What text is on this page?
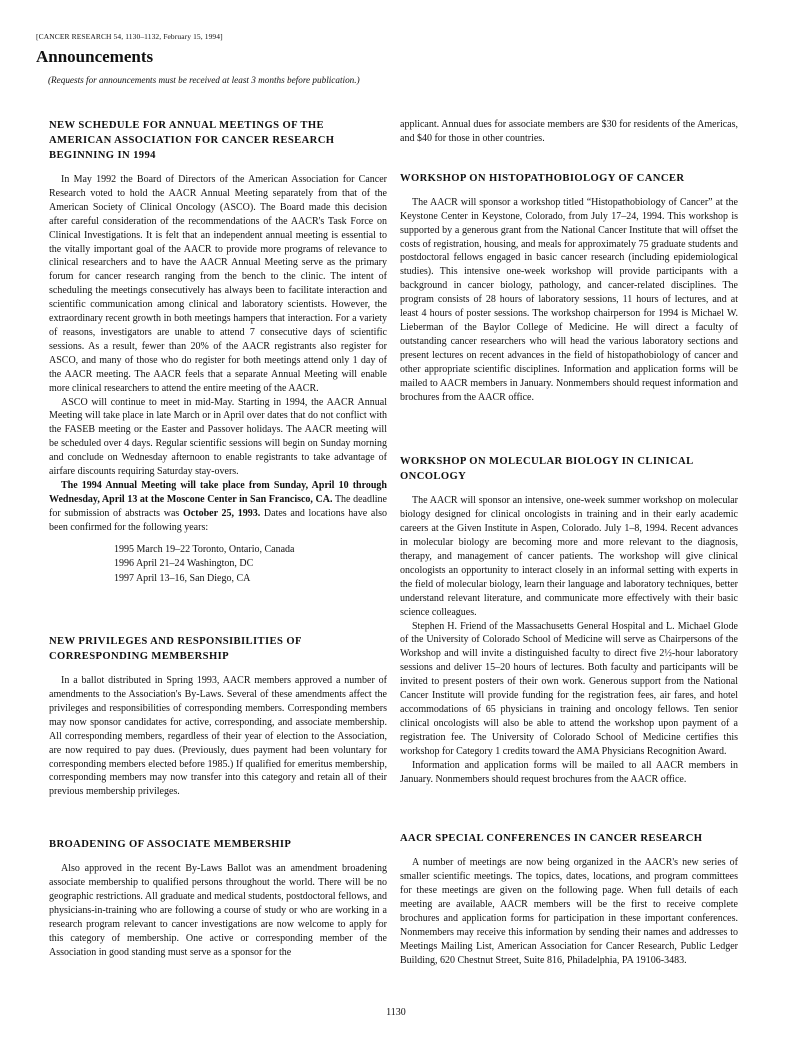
[CANCER RESEARCH 54, 1130–1132, February 15, 1994]
Announcements

(Requests for announcements must be received at least 3 months before publication.)

NEW SCHEDULE FOR ANNUAL MEETINGS OF THE AMERICAN ASSOCIATION FOR CANCER RESEARCH BEGINNING IN 1994

In May 1992 the Board of Directors of the American Association for Cancer Research voted to hold the AACR Annual Meeting separately from that of the American Society of Clinical Oncology (ASCO). The Board made this decision after careful consideration of the recommendations of the AACR's Task Force on Clinical Investigations. It is felt that an independent annual meeting is essential to the vitally important goal of the AACR to provide more programs of relevance to clinical researchers and to have the AACR Annual Meeting serve as the primary forum for cancer research ranging from the bench to the clinic. The intent of scheduling the meetings consecutively has always been to facilitate interaction and scientific communication among clinical and laboratory scientists. However, the extraordinary recent growth in both meetings hampers that interaction. For a variety of reasons, investigators are unable to attend 7 consecutive days of scientific sessions. As a result, fewer than 20% of the AACR registrants also register for ASCO, and many of those who do register for both meetings attend only 1 day of the AACR meeting. The AACR feels that a separate Annual Meeting will enable more clinical researchers to attend the entire meeting of the AACR.

ASCO will continue to meet in mid-May. Starting in 1994, the AACR Annual Meeting will take place in late March or in April over dates that do not conflict with the FASEB meeting or the Easter and Passover holidays. The AACR meeting will be scheduled over 4 days. Regular scientific sessions will begin on Sunday morning and conclude on Wednesday afternoon to enable registrants to take advantage of airfare discounts requiring Saturday stay-overs.

The 1994 Annual Meeting will take place from Sunday, April 10 through Wednesday, April 13 at the Moscone Center in San Francisco, CA. The deadline for submission of abstracts was October 25, 1993. Dates and locations have also been confirmed for the following years:

1995 March 19–22 Toronto, Ontario, Canada
1996 April 21–24 Washington, DC
1997 April 13–16, San Diego, CA
NEW PRIVILEGES AND RESPONSIBILITIES OF CORRESPONDING MEMBERSHIP

In a ballot distributed in Spring 1993, AACR members approved a number of amendments to the Association's By-Laws. Several of these amendments affect the privileges and responsibilities of corresponding members. Corresponding members may now sponsor candidates for active, corresponding, and associate membership. All corresponding members, regardless of their year of election to the Association, are now required to pay dues. (Previously, dues payment had been voluntary for corresponding members elected before 1985.) If qualified for emeritus membership, corresponding members may now transfer into this category and retain all of their previous membership privileges.

BROADENING OF ASSOCIATE MEMBERSHIP

Also approved in the recent By-Laws Ballot was an amendment broadening associate membership to qualified persons throughout the world. There will be no geographic restrictions. All graduate and medical students, postdoctoral fellows, and physicians-in-training who are following a course of study or who are working in a research program relevant to cancer investigations are now welcome to apply for this category of membership. One active or corresponding member of the Association in good standing must serve as a sponsor for the

applicant. Annual dues for associate members are $30 for residents of the Americas, and $40 for those in other countries.

WORKSHOP ON HISTOPATHOBIOLOGY OF CANCER

The AACR will sponsor a workshop titled “Histopathobiology of Cancer” at the Keystone Center in Keystone, Colorado, from July 17–24, 1994. This workshop is supported by a generous grant from the National Cancer Institute that will offset the costs of registration, housing, and meals for approximately 75 graduate students and postdoctoral fellows engaged in basic cancer research (including epidemiological studies). This intensive one-week workshop will provide participants with a background in cancer biology, pathology, and cancer-related disciplines. The program consists of 28 hours of laboratory sessions, 11 hours of lectures, and at least 4 hours of poster sessions. The workshop chairperson for 1994 is Michael W. Lieberman of the Baylor College of Medicine. He will direct a faculty of outstanding cancer researchers who will head the various laboratory sections and present lectures on recent advances in the field of histopathobiology of cancer and other appropriate scientific disciplines. Information and application forms will be mailed to AACR members in January. Nonmembers should request information and brochures from the AACR office.

WORKSHOP ON MOLECULAR BIOLOGY IN CLINICAL ONCOLOGY

The AACR will sponsor an intensive, one-week summer workshop on molecular biology designed for clinical oncologists in training and in their early academic careers at the Given Institute in Aspen, Colorado. July 1–8, 1994. Recent advances in molecular biology are becoming more and more relevant to the diagnosis, therapy, and management of cancer patients. The workshop will give clinical oncologists an opportunity to interact closely in an informal setting with experts in the field of molecular biology, learn their language and laboratory techniques, better understand relevant literature, and communicate more effectively with their basic science colleagues.

Stephen H. Friend of the Massachusetts General Hospital and L. Michael Glode of the University of Colorado School of Medicine will serve as Chairpersons of the Workshop and will invite a distinguished faculty to direct five 2½-hour laboratory sessions and deliver 15–20 hours of lectures. Both faculty and participants will be invited to present posters of their own work. Generous support from the National Cancer Institute will provide funding for the registration fees, air fares, and hotel accommodations of 65 physicians in training and oncology fellows. Ten senior clinical oncologists will also be able to attend the workshop upon payment of a registration fee. The University of Colorado School of Medicine certifies this workshop for Category 1 credits toward the AMA Physicians Recognition Award.

Information and application forms will be mailed to all AACR members in January. Nonmembers should request brochures from the AACR office.

AACR SPECIAL CONFERENCES IN CANCER RESEARCH

A number of meetings are now being organized in the AACR's new series of smaller scientific meetings. The topics, dates, locations, and program committees for these meetings are given on the following page. When full details of each meeting are available, AACR members will be the first to receive complete brochures and application forms for participation in these important conferences. Nonmembers may receive this information by sending their names and addresses to Meetings Mailing List, American Association for Cancer Research, Public Ledger Building, 620 Chestnut Street, Suite 816, Philadelphia, PA 19106-3483.

1130
